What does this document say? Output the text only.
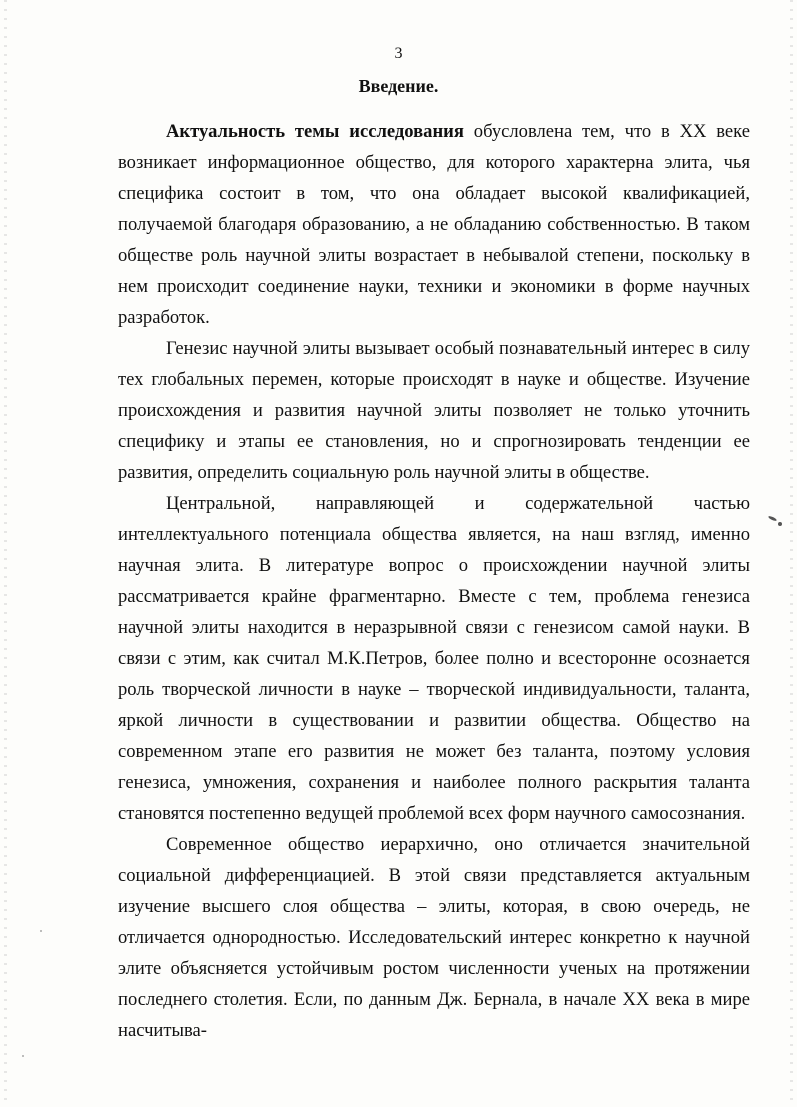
3
Введение.

Актуальность темы исследования обусловлена тем, что в XX веке возникает информационное общество, для которого характерна элита, чья специфика состоит в том, что она обладает высокой квалификацией, получаемой благодаря образованию, а не обладанию собственностью. В таком обществе роль научной элиты возрастает в небывалой степени, поскольку в нем происходит соединение науки, техники и экономики в форме научных разработок.

Генезис научной элиты вызывает особый познавательный интерес в силу тех глобальных перемен, которые происходят в науке и обществе. Изучение происхождения и развития научной элиты позволяет не только уточнить специфику и этапы ее становления, но и спрогнозировать тенденции ее развития, определить социальную роль научной элиты в обществе.

Центральной, направляющей и содержательной частью интеллектуального потенциала общества является, на наш взгляд, именно научная элита. В литературе вопрос о происхождении научной элиты рассматривается крайне фрагментарно. Вместе с тем, проблема генезиса научной элиты находится в неразрывной связи с генезисом самой науки. В связи с этим, как считал М.К.Петров, более полно и всесторонне осознается роль творческой личности в науке – творческой индивидуальности, таланта, яркой личности в существовании и развитии общества. Общество на современном этапе его развития не может без таланта, поэтому условия генезиса, умножения, сохранения и наиболее полного раскрытия таланта становятся постепенно ведущей проблемой всех форм научного самосознания.

Современное общество иерархично, оно отличается значительной социальной дифференциацией. В этой связи представляется актуальным изучение высшего слоя общества – элиты, которая, в свою очередь, не отличается однородностью. Исследовательский интерес конкретно к научной элите объясняется устойчивым ростом численности ученых на протяжении последнего столетия. Если, по данным Дж. Бернала, в начале XX века в мире насчитыва-
